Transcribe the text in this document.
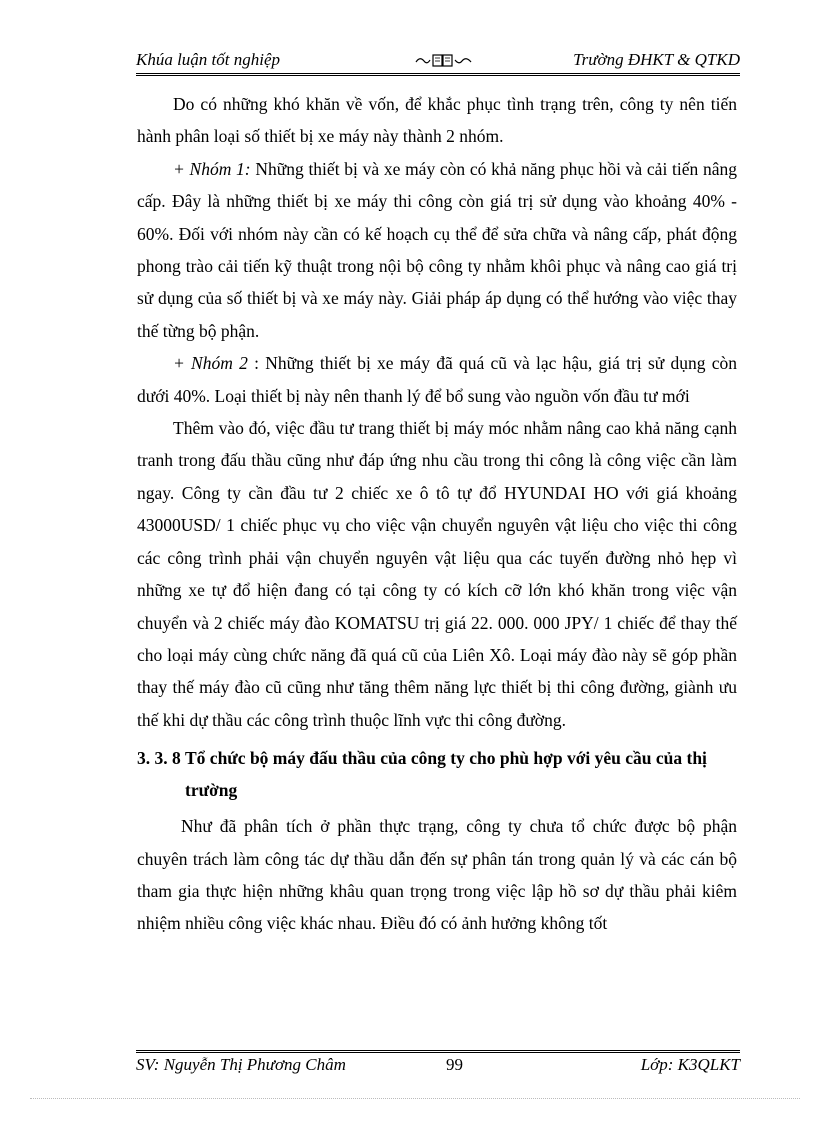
Khúa luận tốt nghiệp	Trường ĐHKT & QTKD

Do có những khó khăn về vốn, để khắc phục tình trạng trên, công ty nên tiến hành phân loại số thiết bị xe máy này thành 2 nhóm.

+ Nhóm 1: Những thiết bị và xe máy còn có khả năng phục hồi và cải tiến nâng cấp. Đây là những thiết bị xe máy thi công còn giá trị sử dụng vào khoảng 40% - 60%. Đối với nhóm này cần có kế hoạch cụ thể để sửa chữa và nâng cấp, phát động phong trào cải tiến kỹ thuật trong nội bộ công ty nhằm khôi phục và nâng cao giá trị sử dụng của số thiết bị và xe máy này. Giải pháp áp dụng có thể hướng vào việc thay thế từng bộ phận.

+ Nhóm 2 : Những thiết bị xe máy đã quá cũ và lạc hậu, giá trị sử dụng còn dưới 40%. Loại thiết bị này nên thanh lý để bổ sung vào nguồn vốn đầu tư mới

Thêm vào đó, việc đầu tư trang thiết bị máy móc nhằm nâng cao khả năng cạnh tranh trong đấu thầu cũng như đáp ứng nhu cầu trong thi công là công việc cần làm ngay. Công ty cần đầu tư 2 chiếc xe ô tô tự đổ HYUNDAI HO với giá khoảng 43000USD/ 1 chiếc phục vụ cho việc vận chuyển nguyên vật liệu cho việc thi công các công trình phải vận chuyển nguyên vật liệu qua các tuyến đường nhỏ hẹp vì những xe tự đổ hiện đang có tại công ty có kích cỡ lớn khó khăn trong việc vận chuyển và 2 chiếc máy đào KOMATSU trị giá 22. 000. 000 JPY/ 1 chiếc để thay thế cho loại máy cùng chức năng đã quá cũ của Liên Xô. Loại máy đào này sẽ góp phần thay thế máy đào cũ cũng như tăng thêm năng lực thiết bị thi công đường, giành ưu thế khi dự thầu các công trình thuộc lĩnh vực thi công đường.

3. 3. 8 Tổ chức bộ máy đấu thầu của công ty cho phù hợp với yêu cầu của thị trường

Như đã phân tích ở phần thực trạng, công ty chưa tổ chức được bộ phận chuyên trách làm công tác dự thầu dẫn đến sự phân tán trong quản lý và các cán bộ tham gia thực hiện những khâu quan trọng trong việc lập hồ sơ dự thầu phải kiêm nhiệm nhiều công việc khác nhau. Điều đó có ảnh hưởng không tốt

SV: Nguyễn Thị Phương Châm	99	Lớp: K3QLKT
